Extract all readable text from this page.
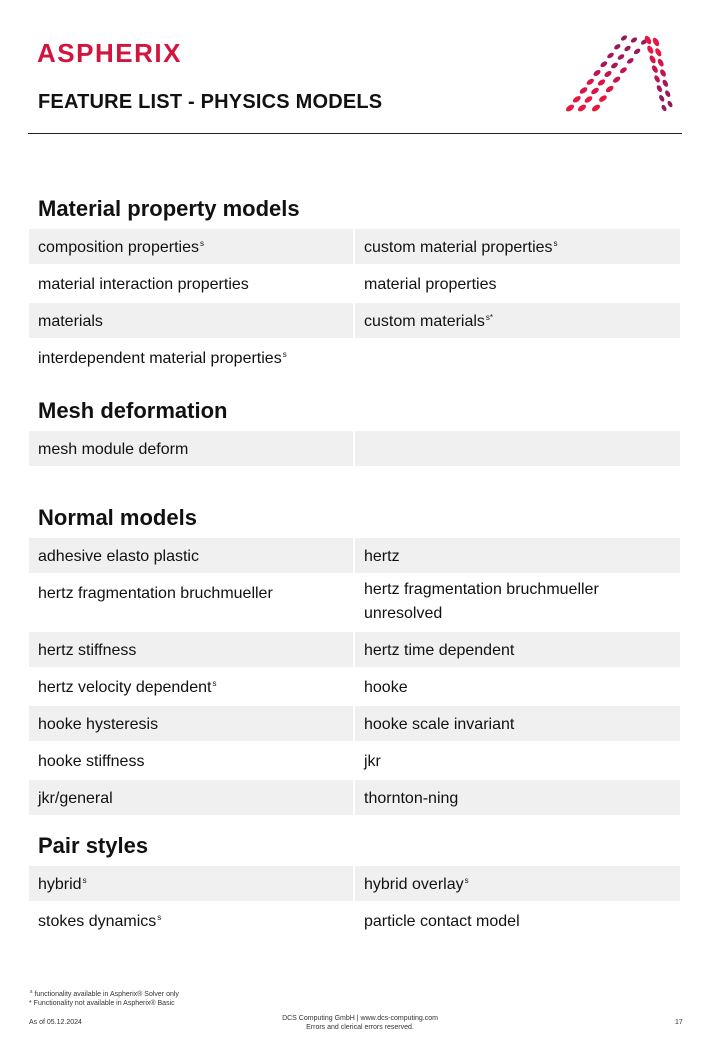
ASPHERIX
FEATURE LIST - PHYSICS MODELS
Material property models
composition properties$^s$	custom material properties$^s$
material interaction properties	material properties
materials	custom materials$^{s*}$
interdependent material properties$^s$
Mesh deformation
mesh module deform
Normal models
adhesive elasto plastic	hertz
hertz fragmentation bruchmueller	hertz fragmentation bruchmueller unresolved
hertz stiffness	hertz time dependent
hertz velocity dependent$^s$	hooke
hooke hysteresis	hooke scale invariant
hooke stiffness	jkr
jkr/general	thornton-ning
Pair styles
hybrid$^s$	hybrid overlay$^s$
stokes dynamics$^s$	particle contact model
$^s$ functionality available in Aspherix® Solver only
* Functionality not available in Aspherix® Basic
As of 05.12.2024
DCS Computing GmbH | www.dcs-computing.com
Errors and clerical errors reserved.
17
